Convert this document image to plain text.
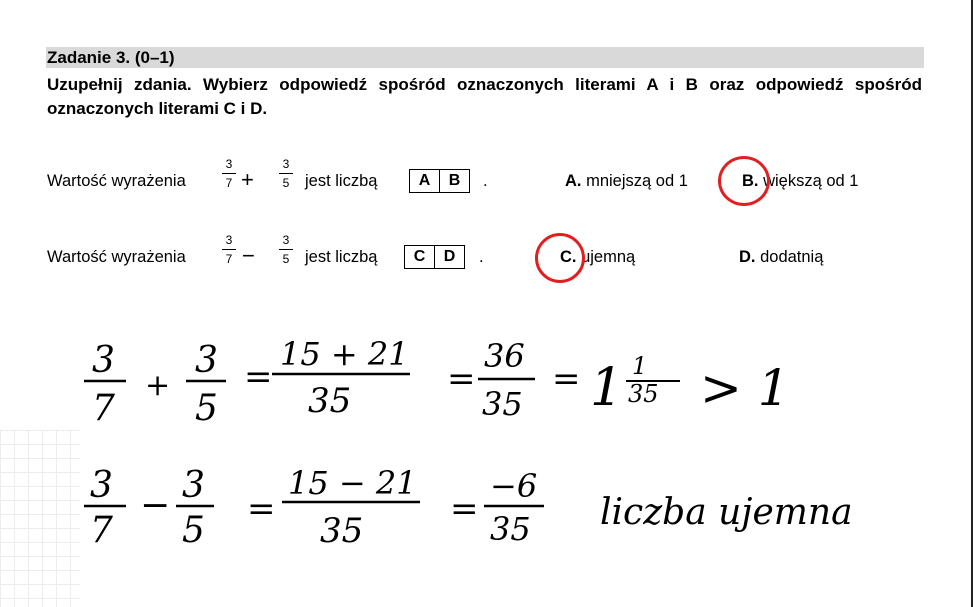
Zadanie 3. (0–1)
Uzupełnij zdania. Wybierz odpowiedź spośród oznaczonych literami A i B oraz odpowiedź spośród oznaczonych literami C i D.
Wartość wyrażenia
3
7 +
3
5 jest liczbą	A	B	.	A. mniejszą od 1	B. większą od 1
Wartość wyrażenia
3
7 −
3
5 jest liczbą	C	D	.	C. ujemną	D. dodatnią
3
7
+
3
5
=
15 + 21
35
=
36
35
= 1 1
35 > 1
3
7
− 3
5
=
15 − 21
35
=
−6
35 liczba ujemna
